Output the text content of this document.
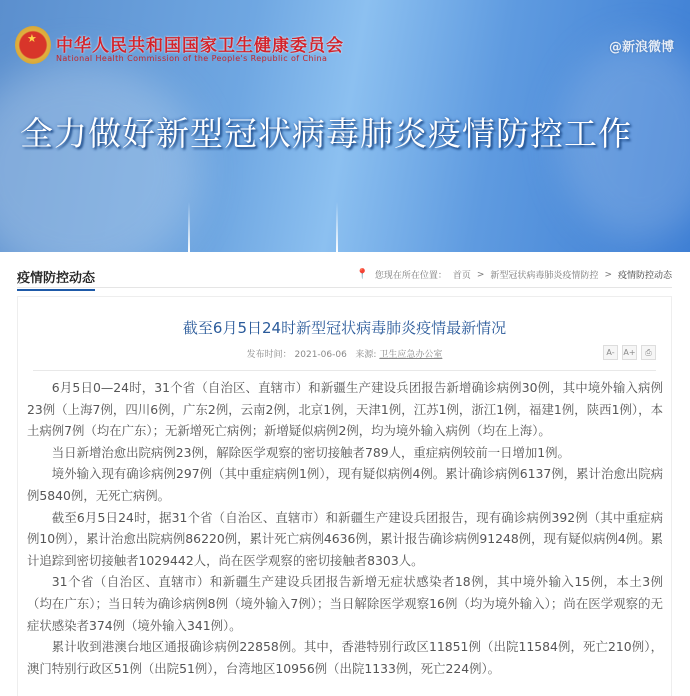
★ 中华人民共和国国家卫生健康委员会
National Health Commission of the People's Republic of China
@新浪微博
全力做好新型冠状病毒肺炎疫情防控工作
疫情防控动态	📍 您现在所在位置： 首页 > 新型冠状病毒肺炎疫情防控 > 疫情防控动态
截至6月5日24时新型冠状病毒肺炎疫情最新情况
发布时间： 2021-06-06 来源: 卫生应急办公室	A-	A+	⎙

6月5日0—24时，31个省（自治区、直辖市）和新疆生产建设兵团报告新增确诊病例30例，其中境外输入病例23例（上海7例，四川6例，广东2例，云南2例，北京1例，天津1例，江苏1例，浙江1例，福建1例，陕西1例），本土病例7例（均在广东）；无新增死亡病例；新增疑似病例2例，均为境外输入病例（均在上海）。

当日新增治愈出院病例23例，解除医学观察的密切接触者789人，重症病例较前一日增加1例。

境外输入现有确诊病例297例（其中重症病例1例），现有疑似病例4例。累计确诊病例6137例，累计治愈出院病例5840例，无死亡病例。

截至6月5日24时，据31个省（自治区、直辖市）和新疆生产建设兵团报告，现有确诊病例392例（其中重症病例10例），累计治愈出院病例86220例，累计死亡病例4636例，累计报告确诊病例91248例，现有疑似病例4例。累计追踪到密切接触者1029442人，尚在医学观察的密切接触者8303人。

31个省（自治区、直辖市）和新疆生产建设兵团报告新增无症状感染者18例，其中境外输入15例，本土3例（均在广东）；当日转为确诊病例8例（境外输入7例）；当日解除医学观察16例（均为境外输入）；尚在医学观察的无症状感染者374例（境外输入341例）。

累计收到港澳台地区通报确诊病例22858例。其中，香港特别行政区11851例（出院11584例，死亡210例），澳门特别行政区51例（出院51例），台湾地区10956例（出院1133例，死亡224例）。
